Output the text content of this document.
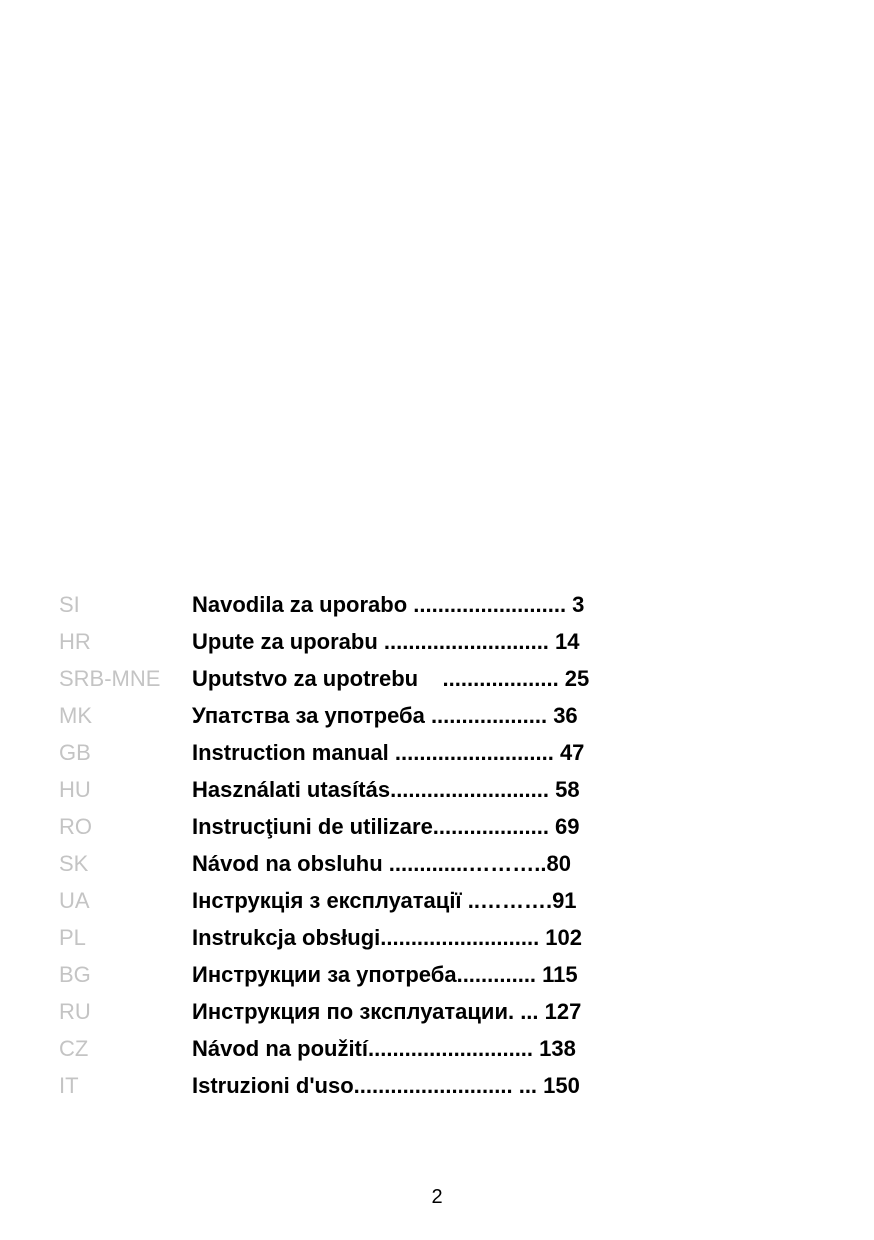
SI	Navodila za uporabo ......................... 3
HR	Upute za uporabu ........................... 14
SRB-MNE	Uputstvo za upotrebu    ................... 25
MK	Упатства за употреба ................... 36
GB	Instruction manual .......................... 47
HU	Használati utasítás.......................... 58
RO	Instrucţiuni de utilizare................... 69
SK	Návod na obsluhu .............………..80
UA	Інструкція з експлуатації ..……….91
PL	Instrukcja obsługi.......................... 102
BG	Инструкции за употреба............. 115
RU	Инструкция по зксплуатации. ... 127
CZ	Návod na použití........................... 138
IT	Istruzioni d'uso.......................... ... 150
2
